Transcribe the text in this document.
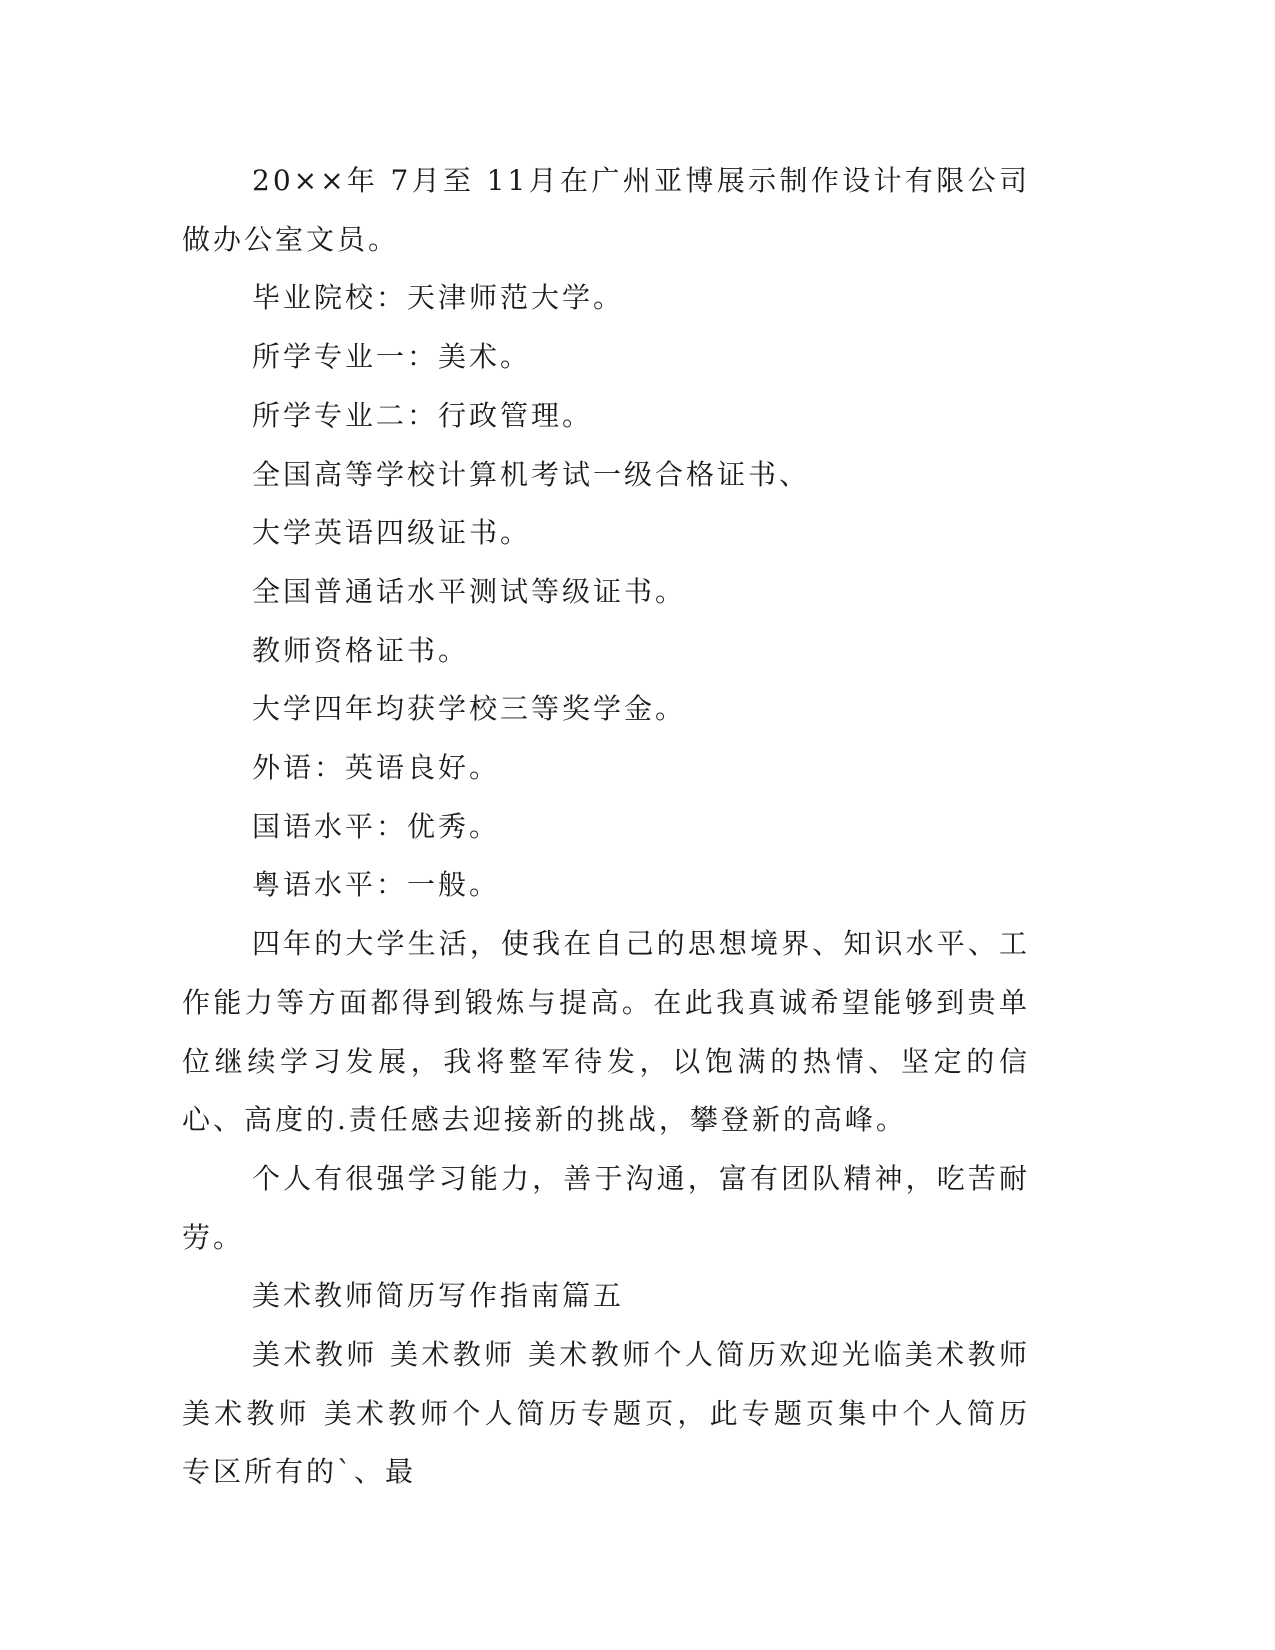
20××年 7月至 11月在广州亚博展示制作设计有限公司做办公室文员。

毕业院校：天津师范大学。

所学专业一：美术。

所学专业二：行政管理。

全国高等学校计算机考试一级合格证书、

大学英语四级证书。

全国普通话水平测试等级证书。

教师资格证书。

大学四年均获学校三等奖学金。

外语：英语良好。

国语水平：优秀。

粤语水平：一般。

四年的大学生活，使我在自己的思想境界、知识水平、工作能力等方面都得到锻炼与提高。在此我真诚希望能够到贵单位继续学习发展，我将整军待发，以饱满的热情、坚定的信心、高度的.责任感去迎接新的挑战，攀登新的高峰。

个人有很强学习能力，善于沟通，富有团队精神，吃苦耐劳。

美术教师简历写作指南篇五

美术教师 美术教师 美术教师个人简历欢迎光临美术教师 美术教师 美术教师个人简历专题页，此专题页集中个人简历专区所有的`、最
